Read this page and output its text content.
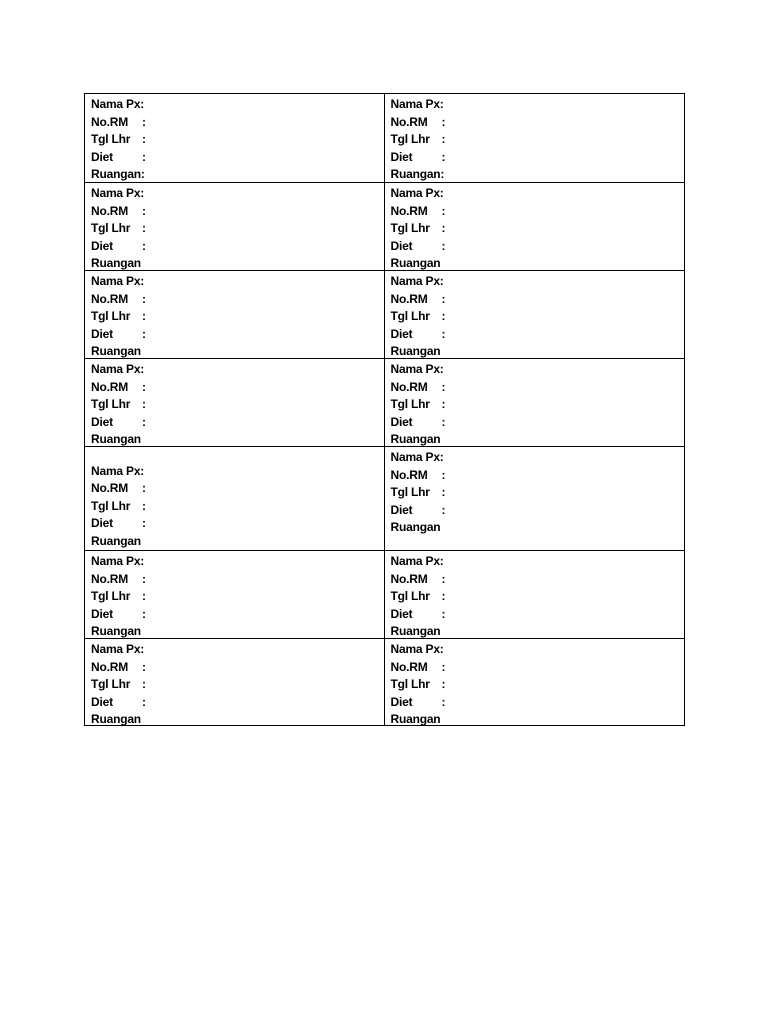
Nama Px:
No.RM :
Tgl Lhr :
Diet :
Ruangan:
Nama Px:
No.RM :
Tgl Lhr :
Diet :
Ruangan:
Nama Px:
No.RM :
Tgl Lhr :
Diet :
Ruangan
Nama Px:
No.RM :
Tgl Lhr :
Diet :
Ruangan
Nama Px:
No.RM :
Tgl Lhr :
Diet :
Ruangan
Nama Px:
No.RM :
Tgl Lhr :
Diet :
Ruangan
Nama Px:
No.RM :
Tgl Lhr :
Diet :
Ruangan
Nama Px:
No.RM :
Tgl Lhr :
Diet :
Ruangan
Nama Px:
No.RM :
Tgl Lhr :
Diet :
Ruangan
Nama Px:
No.RM :
Tgl Lhr :
Diet :
Ruangan
Nama Px:
No.RM :
Tgl Lhr :
Diet :
Ruangan
Nama Px:
No.RM :
Tgl Lhr :
Diet :
Ruangan
Nama Px:
No.RM :
Tgl Lhr :
Diet :
Ruangan
Nama Px:
No.RM :
Tgl Lhr :
Diet :
Ruangan
